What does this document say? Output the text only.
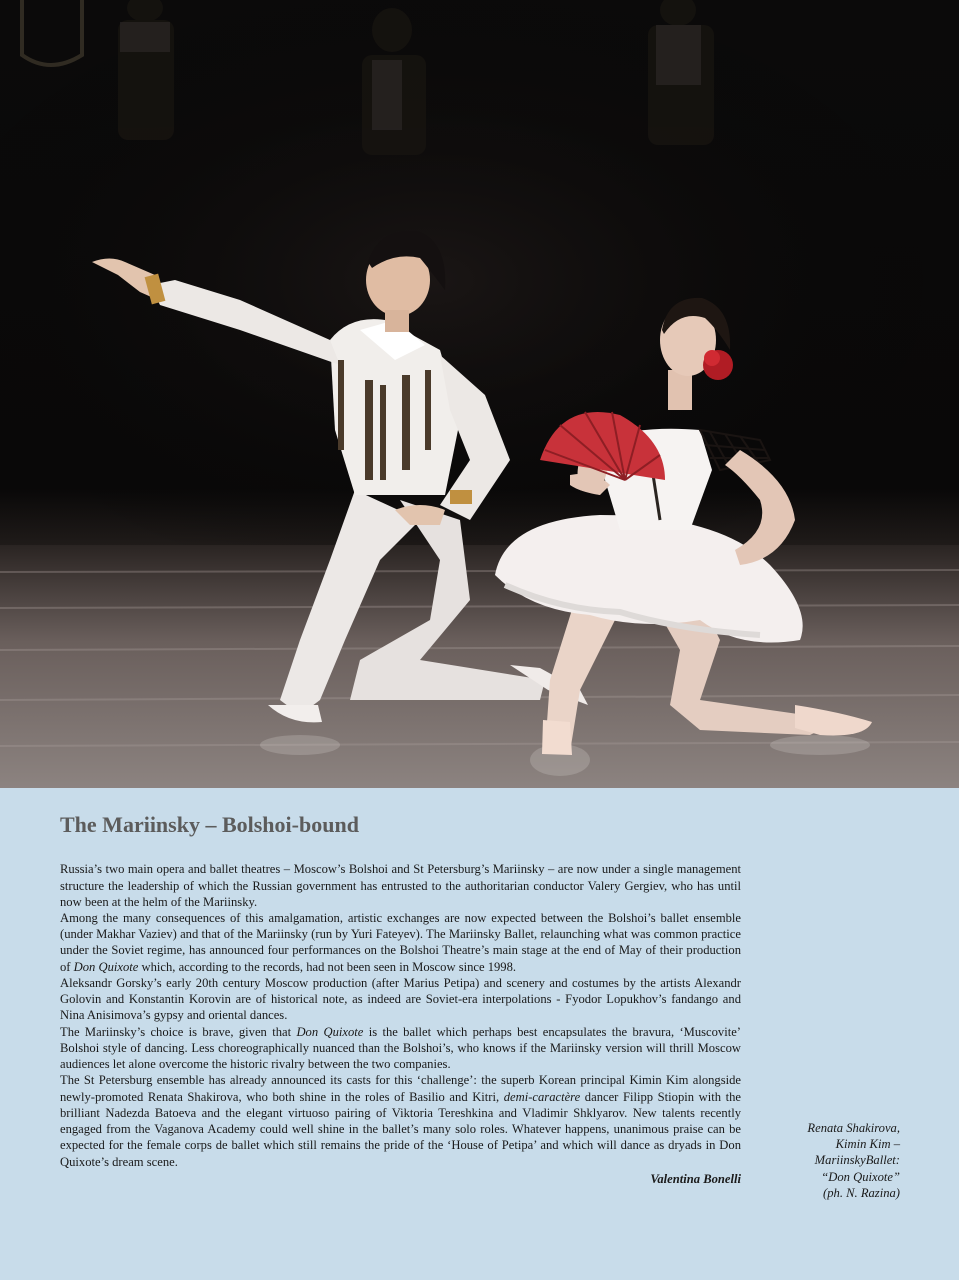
The Mariinsky – Bolshoi-bound

Russia’s two main opera and ballet theatres – Moscow’s Bolshoi and St Petersburg’s Mariinsky – are now under a single management structure the leadership of which the Russian government has entrusted to the authoritarian conductor Valery Gergiev, who has until now been at the helm of the Mariinsky.

Among the many consequences of this amalgamation, artistic exchanges are now expected between the Bolshoi’s ballet ensemble (under Makhar Vaziev) and that of the Mariinsky (run by Yuri Fateyev). The Mariinsky Ballet, relaunching what was common practice under the Soviet regime, has announced four performances on the Bolshoi Theatre’s main stage at the end of May of their production of Don Quixote which, according to the records, had not been seen in Moscow since 1998.

Aleksandr Gorsky’s early 20th century Moscow production (after Marius Petipa) and scenery and costumes by the artists Alexandr Golovin and Konstantin Korovin are of historical note, as indeed are Soviet-era interpolations - Fyodor Lopukhov’s fandango and Nina Anisimova’s gypsy and oriental dances.

The Mariinsky’s choice is brave, given that Don Quixote is the ballet which perhaps best encapsulates the bravura, ‘Muscovite’ Bolshoi style of dancing. Less choreographically nuanced than the Bolshoi’s, who knows if the Mariinsky version will thrill Moscow audiences let alone overcome the historic rivalry between the two companies.

The St Petersburg ensemble has already announced its casts for this ‘challenge’: the superb Korean principal Kimin Kim alongside newly-promoted Renata Shakirova, who both shine in the roles of Basilio and Kitri, demi-caractère dancer Filipp Stiopin with the brilliant Nadezda Batoeva and the elegant virtuoso pairing of Viktoria Tereshkina and Vladimir Shklyarov. New talents recently engaged from the Vaganova Academy could well shine in the ballet’s many solo roles. Whatever happens, unanimous praise can be expected for the female corps de ballet which still remains the pride of the ‘House of Petipa’ and which will dance as dryads in Don Quixote’s dream scene.

Valentina Bonelli

Renata Shakirova,
Kimin Kim –
MariinskyBallet:
“Don Quixote”
(ph. N. Razina)
